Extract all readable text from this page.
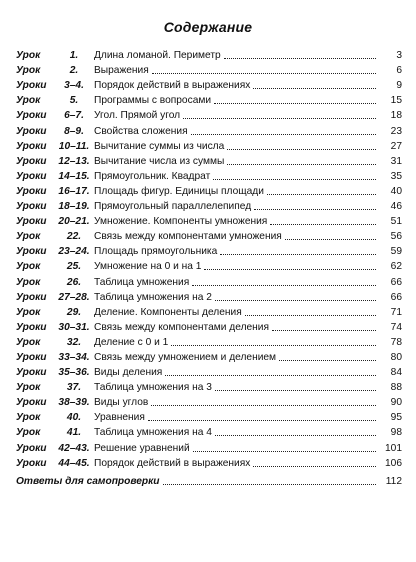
Содержание
Урок	1.	Длина ломаной. Периметр	3
Урок	2.	Выражения	6
Уроки	3–4. Порядок действий в выражениях	9
Урок	5.	Программы с вопросами	15
Уроки	6–7. Угол. Прямой угол	18
Уроки	8–9. Свойства сложения	23
Уроки	10–11. Вычитание суммы из числа	27
Уроки	12–13. Вычитание числа из суммы	31
Уроки	14–15. Прямоугольник. Квадрат	35
Уроки	16–17. Площадь фигур. Единицы площади	40
Уроки	18–19. Прямоугольный параллелепипед	46
Уроки	20–21. Умножение. Компоненты умножения	51
Урок	22.	Связь между компонентами умножения	56
Уроки	23–24. Площадь прямоугольника	59
Урок	25.	Умножение на 0 и на 1	62
Урок	26.	Таблица умножения	66
Уроки	27–28. Таблица умножения на 2	66
Урок	29.	Деление. Компоненты деления	71
Уроки	30–31. Связь между компонентами деления	74
Урок	32.	Деление с 0 и 1	78
Уроки	33–34. Связь между умножением и делением	80
Уроки	35–36. Виды деления	84
Урок	37.	Таблица умножения на 3	88
Уроки	38–39. Виды углов	90
Урок	40.	Уравнения	95
Урок	41.	Таблица умножения на 4	98
Уроки	42–43. Решение уравнений	101
Уроки	44–45. Порядок действий в выражениях	106
Ответы для самопроверки	112
